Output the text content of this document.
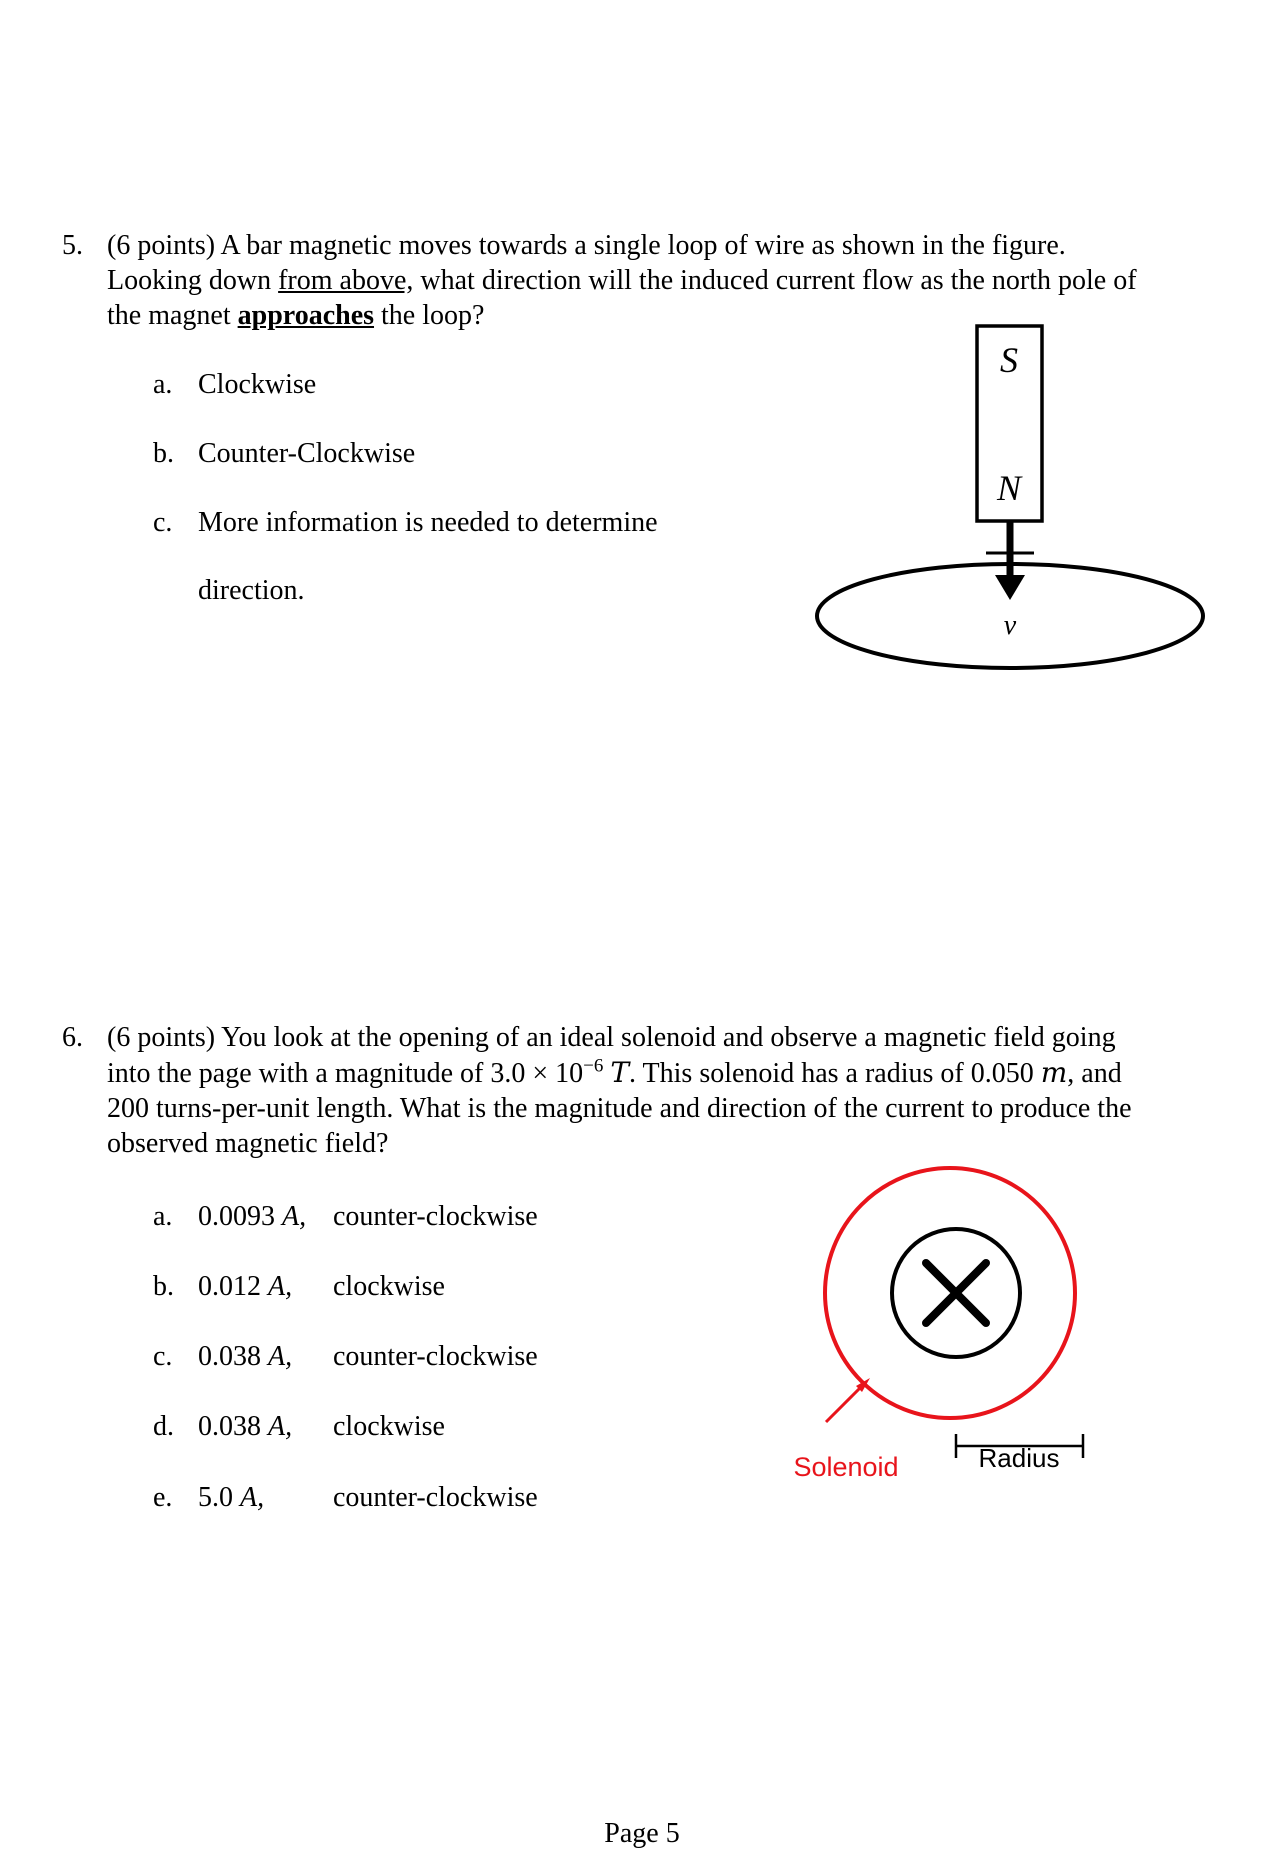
5. (6 points) A bar magnetic moves towards a single loop of wire as shown in the figure.
Looking down from above, what direction will the induced current flow as the north pole of
the magnet approaches the loop?
a. Clockwise
b. Counter-Clockwise
c. More information is needed to determine
direction.
S
N
v
6. (6 points) You look at the opening of an ideal solenoid and observe a magnetic field going
into the page with a magnitude of $3.0 \times 10^{-6}$ T. This solenoid has a radius of 0.050 m, and
200 turns-per-unit length. What is the magnitude and direction of the current to produce the
observed magnetic field?
a. 0.0093 A, counter-clockwise
b. 0.012 A, clockwise
c. 0.038 A, counter-clockwise
d. 0.038 A, clockwise
e. 5.0 A, counter-clockwise
Solenoid	Radius
Page 5
